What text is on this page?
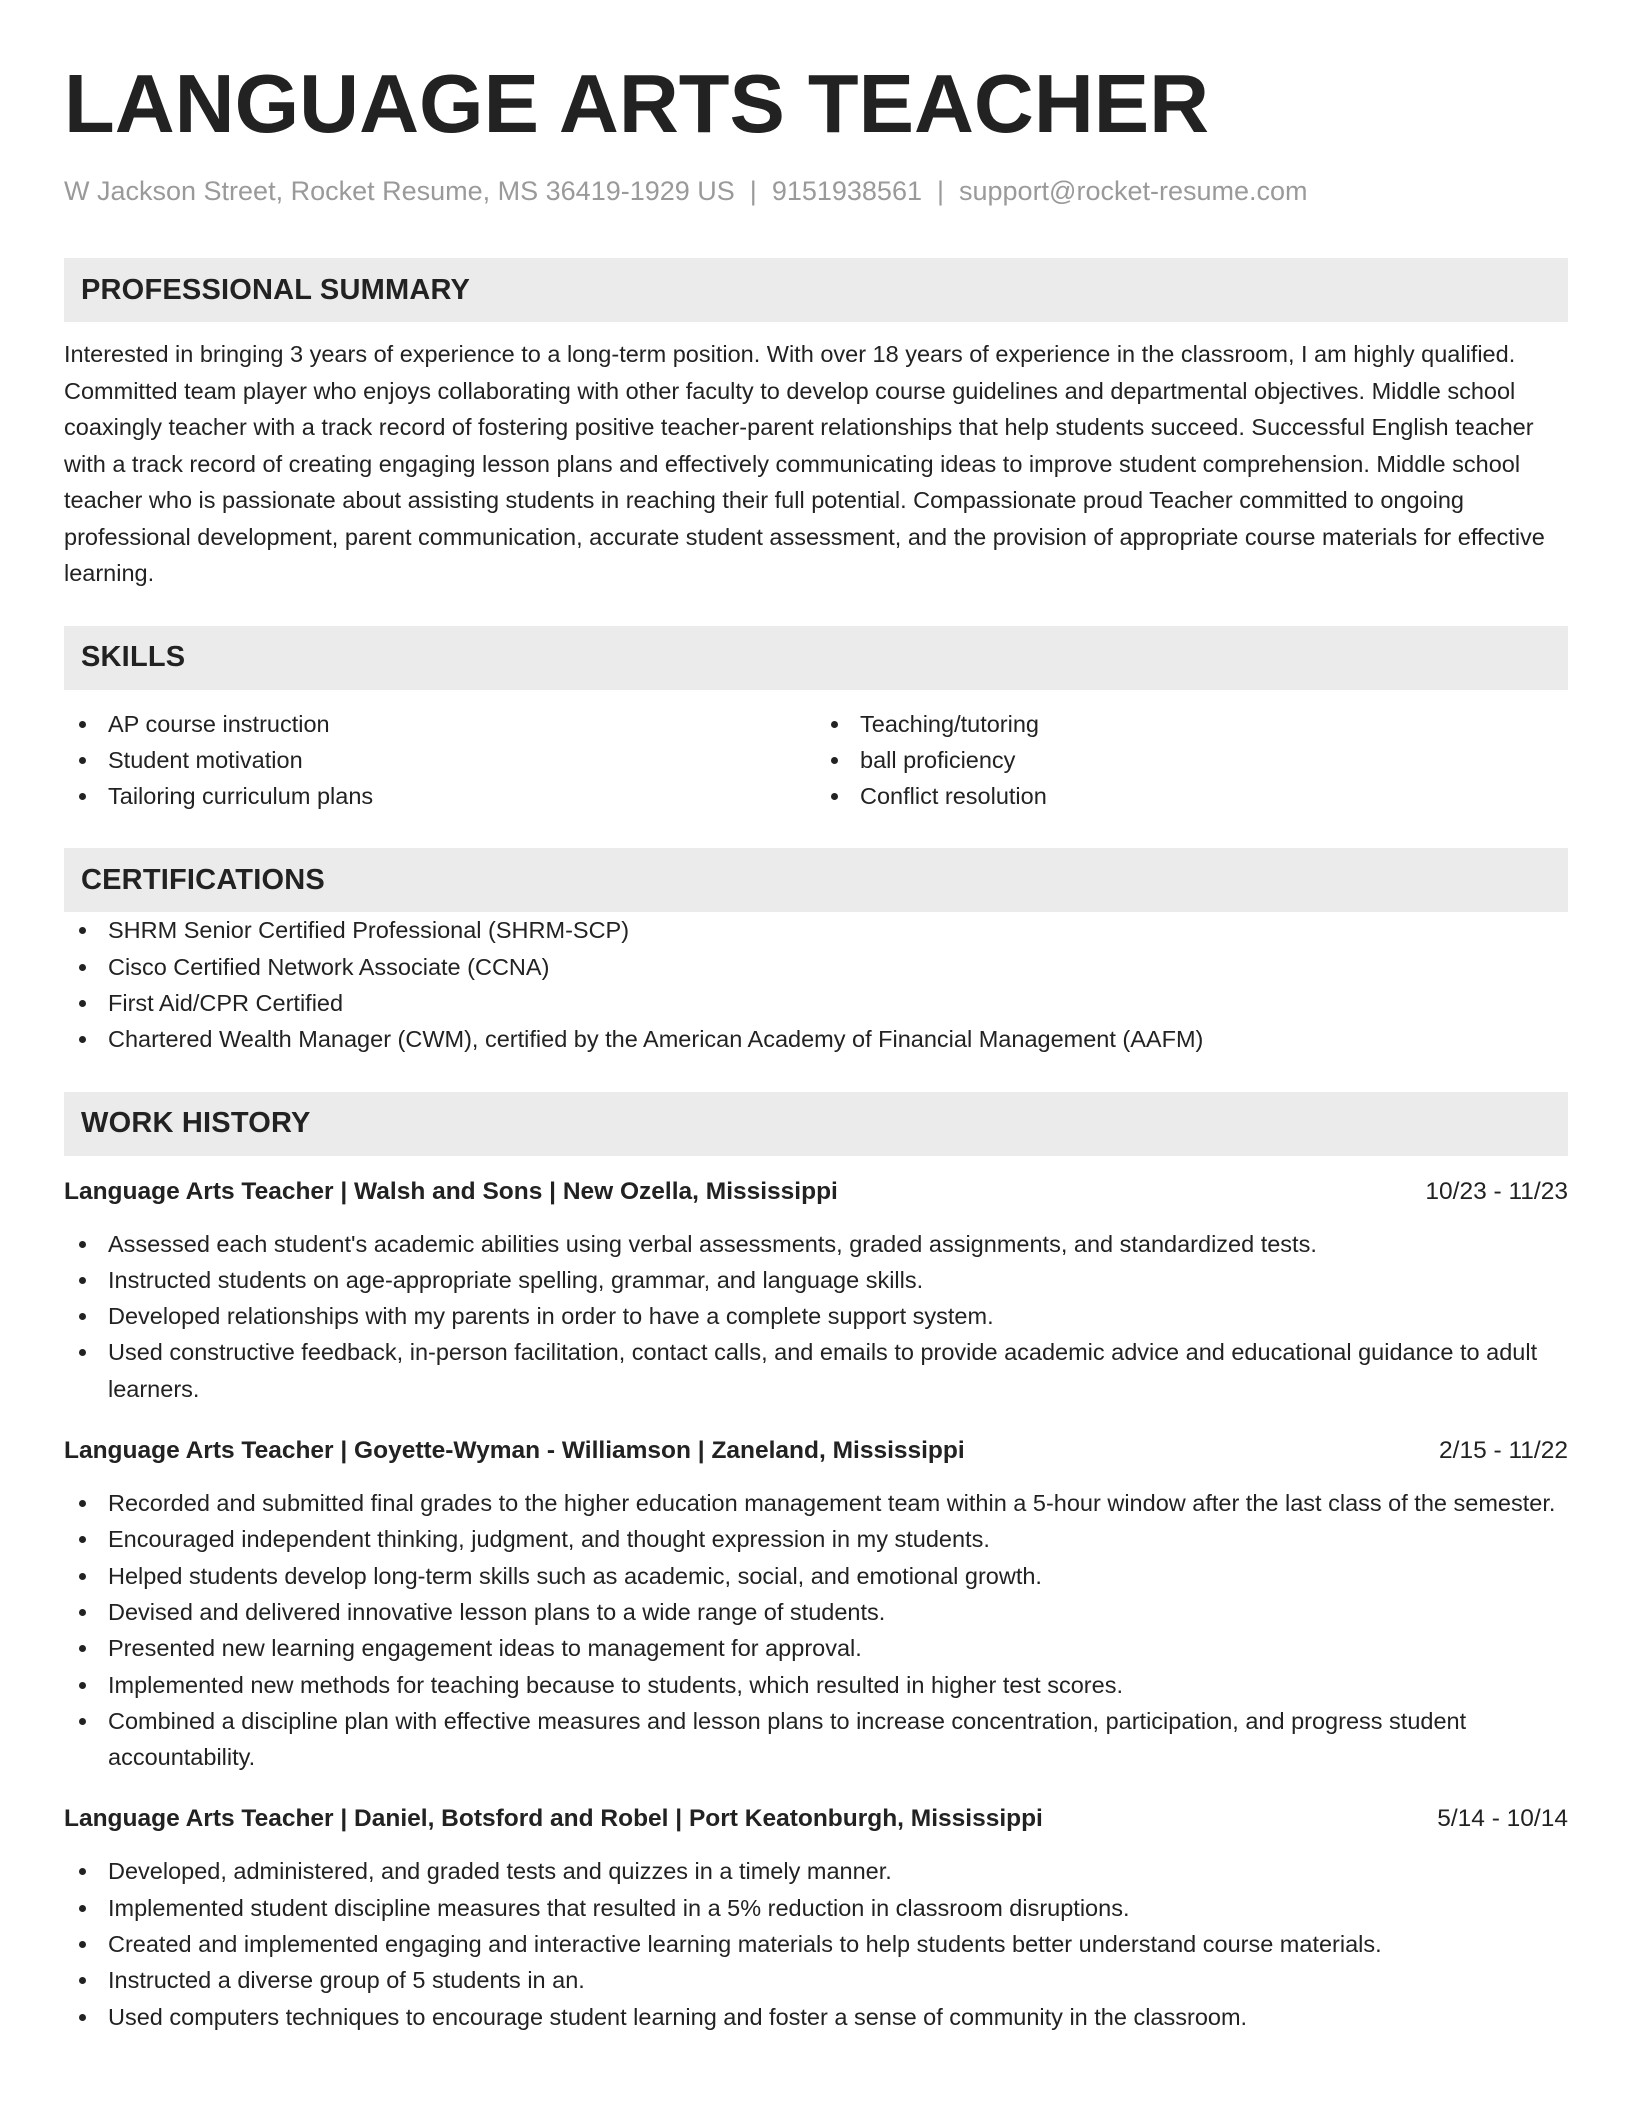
LANGUAGE ARTS TEACHER
W Jackson Street, Rocket Resume, MS 36419-1929 US | 9151938561 | support@rocket-resume.com
PROFESSIONAL SUMMARY
Interested in bringing 3 years of experience to a long-term position. With over 18 years of experience in the classroom, I am highly qualified. Committed team player who enjoys collaborating with other faculty to develop course guidelines and departmental objectives. Middle school coaxingly teacher with a track record of fostering positive teacher-parent relationships that help students succeed. Successful English teacher with a track record of creating engaging lesson plans and effectively communicating ideas to improve student comprehension. Middle school teacher who is passionate about assisting students in reaching their full potential. Compassionate proud Teacher committed to ongoing professional development, parent communication, accurate student assessment, and the provision of appropriate course materials for effective learning.
SKILLS
AP course instruction
Student motivation
Tailoring curriculum plans
Teaching/tutoring
ball proficiency
Conflict resolution
CERTIFICATIONS
SHRM Senior Certified Professional (SHRM-SCP)
Cisco Certified Network Associate (CCNA)
First Aid/CPR Certified
Chartered Wealth Manager (CWM), certified by the American Academy of Financial Management (AAFM)
WORK HISTORY
Language Arts Teacher | Walsh and Sons | New Ozella, Mississippi	10/23 - 11/23
Assessed each student's academic abilities using verbal assessments, graded assignments, and standardized tests.
Instructed students on age-appropriate spelling, grammar, and language skills.
Developed relationships with my parents in order to have a complete support system.
Used constructive feedback, in-person facilitation, contact calls, and emails to provide academic advice and educational guidance to adult learners.
Language Arts Teacher | Goyette-Wyman - Williamson | Zaneland, Mississippi	2/15 - 11/22
Recorded and submitted final grades to the higher education management team within a 5-hour window after the last class of the semester.
Encouraged independent thinking, judgment, and thought expression in my students.
Helped students develop long-term skills such as academic, social, and emotional growth.
Devised and delivered innovative lesson plans to a wide range of students.
Presented new learning engagement ideas to management for approval.
Implemented new methods for teaching because to students, which resulted in higher test scores.
Combined a discipline plan with effective measures and lesson plans to increase concentration, participation, and progress student accountability.
Language Arts Teacher | Daniel, Botsford and Robel | Port Keatonburgh, Mississippi	5/14 - 10/14
Developed, administered, and graded tests and quizzes in a timely manner.
Implemented student discipline measures that resulted in a 5% reduction in classroom disruptions.
Created and implemented engaging and interactive learning materials to help students better understand course materials.
Instructed a diverse group of 5 students in an.
Used computers techniques to encourage student learning and foster a sense of community in the classroom.
